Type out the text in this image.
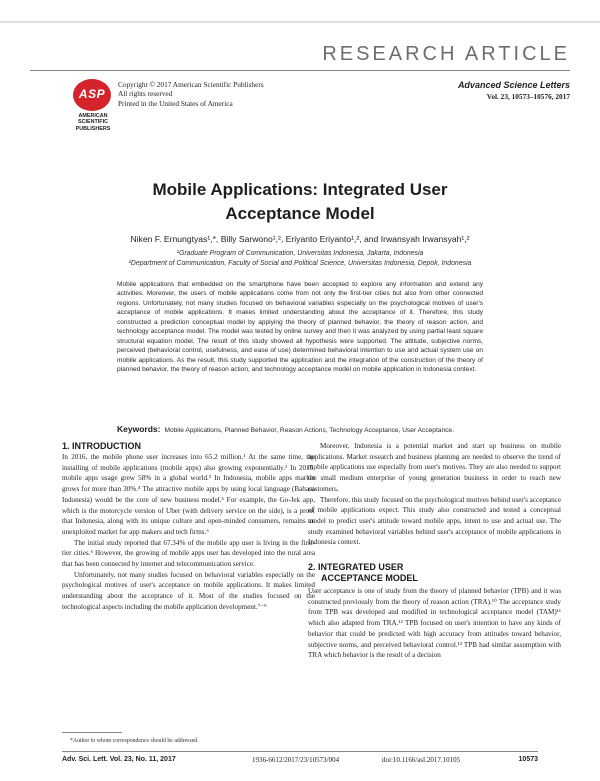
RESEARCH ARTICLE
ASP
AMERICAN
SCIENTIFIC
PUBLISHERS
Copyright © 2017 American Scientific Publishers
All rights reserved
Printed in the United States of America
Advanced Science Letters
Vol. 23, 10573–10576, 2017
Mobile Applications: Integrated User
Acceptance Model
Niken F. Ernungtyas¹,*, Billy Sarwono¹,², Eriyanto Eriyanto¹,², and Irwansyah Irwansyah¹,²
¹Graduate Program of Communication, Universitas Indonesia, Jakarta, Indonesia
²Department of Communication, Faculty of Social and Political Science, Universitas Indonesia, Depok, Indonesia
Mobile applications that embedded on the smartphone have been accepted to explore any information and extend any activities. Moreover, the users of mobile applications come from not only the first-tier cities but also from other connected regions. Unfortunately, not many studies focused on behavioral variables especially on the psychological motives of user's acceptance of mobile applications. It makes limited understanding about the acceptance of it. Therefore, this study constructed a prediction conceptual model by applying the theory of planned behavior, the theory of reason action, and technology acceptance model. The model was tested by online survey and then it was analyzed by using partial least square structural equation model. The result of this study showed all hypothesis were supported. The attitude, subjective norms, perceived (behavioral control, usefulness, and ease of use) determined behavioral intention to use and actual system use on mobile applications. As the result, this study supported the application and the integration of the construction of the theory of planned behavior, the theory of reason action, and technology acceptance model on mobile application in Indonesia context.
Keywords: Mobile Applications, Planned Behavior, Reason Actions, Technology Acceptance, User Acceptance.
1. INTRODUCTION

In 2016, the mobile phone user increases into 65.2 million.¹ At the same time, the installing of mobile applications (mobile apps) also growing exponentially.² In 2015, mobile apps usage grew 58% in a global world.³ In Indonesia, mobile apps market grows for more than 30%.⁴ The attractive mobile apps by using local language (Bahasa Indonesia) would be the core of new business model.⁵ For example, the Go-Jek app, which is the motorcycle version of Uber (with delivery service on the side), is a proof that Indonesia, along with its unique culture and open-minded consumers, remains an unexploited market for app makers and tech firms.⁶

The initial study reported that 67.34% of the mobile app user is living in the first-tier cities.⁶ However, the growing of mobile apps user has developed into the rural area that has been connected by internet and telecommunication service.

Unfortunately, not many studies focused on behavioral variables especially on the psychological motives of user's acceptance on mobile applications. It makes limited understanding about the acceptance of it. Most of the studies focused on the technological aspects including the mobile application development.⁷⁻⁹

Moreover, Indonesia is a potential market and start up business on mobile applications. Market research and business planning are needed to observe the trend of mobile applications use especially from user's motives. They are also needed to support the small medium enterprise of young generation business in order to reach new customers.

Therefore, this study focused on the psychological motives behind user's acceptance of mobile applications expect. This study also constructed and tested a conceptual model to predict user's attitude toward mobile apps, intent to use and actual use. The study examined behavioral variables behind user's acceptance of mobile applications in Indonesia context.

2. INTEGRATED USER
ACCEPTANCE MODEL

User acceptance is one of study from the theory of planned behavior (TPB) and it was constructed previously from the theory of reason action (TRA).¹⁰ The acceptance study from TPB was developed and modified in technological acceptance model (TAM)¹¹ which also adapted from TRA.¹² TPB focused on user's intention to have any kinds of behavior that could be predicted with high accuracy from attitudes toward behavior, subjective norms, and perceived behavioral control.¹³ TPB had similar assumption with TRA which behavior is the result of a decision

*Author to whom correspondence should be addressed.
Adv. Sci. Lett. Vol. 23, No. 11, 2017	1936-6612/2017/23/10573/004	doi:10.1166/asl.2017.10105	10573
